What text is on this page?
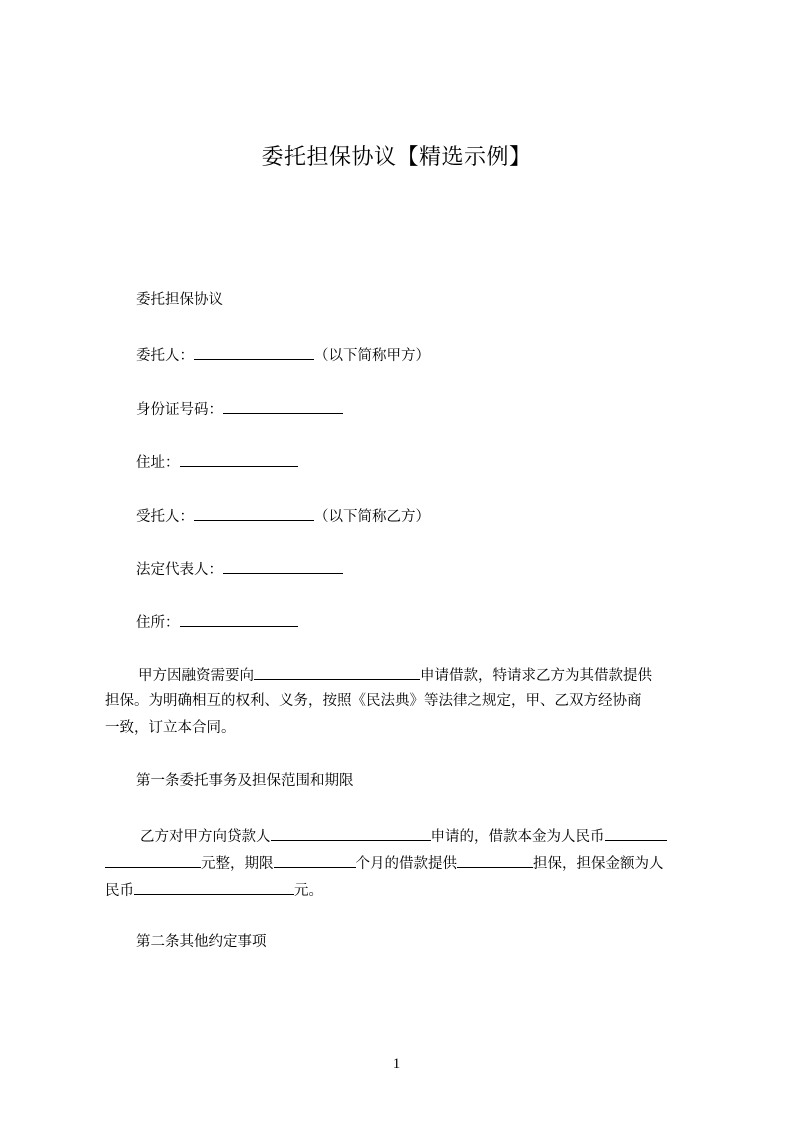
委托担保协议【精选示例】
委托担保协议
委托人：	（以下简称甲方）
身份证号码：
住址：
受托人：	（以下简称乙方）
法定代表人：
住所：
甲方因融资需要向	申请借款，特请求乙方为其借款提供
担保。为明确相互的权利、义务，按照《民法典》等法律之规定，甲、乙双方经协商
一致，订立本合同。
第一条委托事务及担保范围和期限
乙方对甲方向贷款人	申请的，借款本金为人民币
元整，期限	个月的借款提供	担保，担保金额为人
民币	元。
第二条其他约定事项
1
